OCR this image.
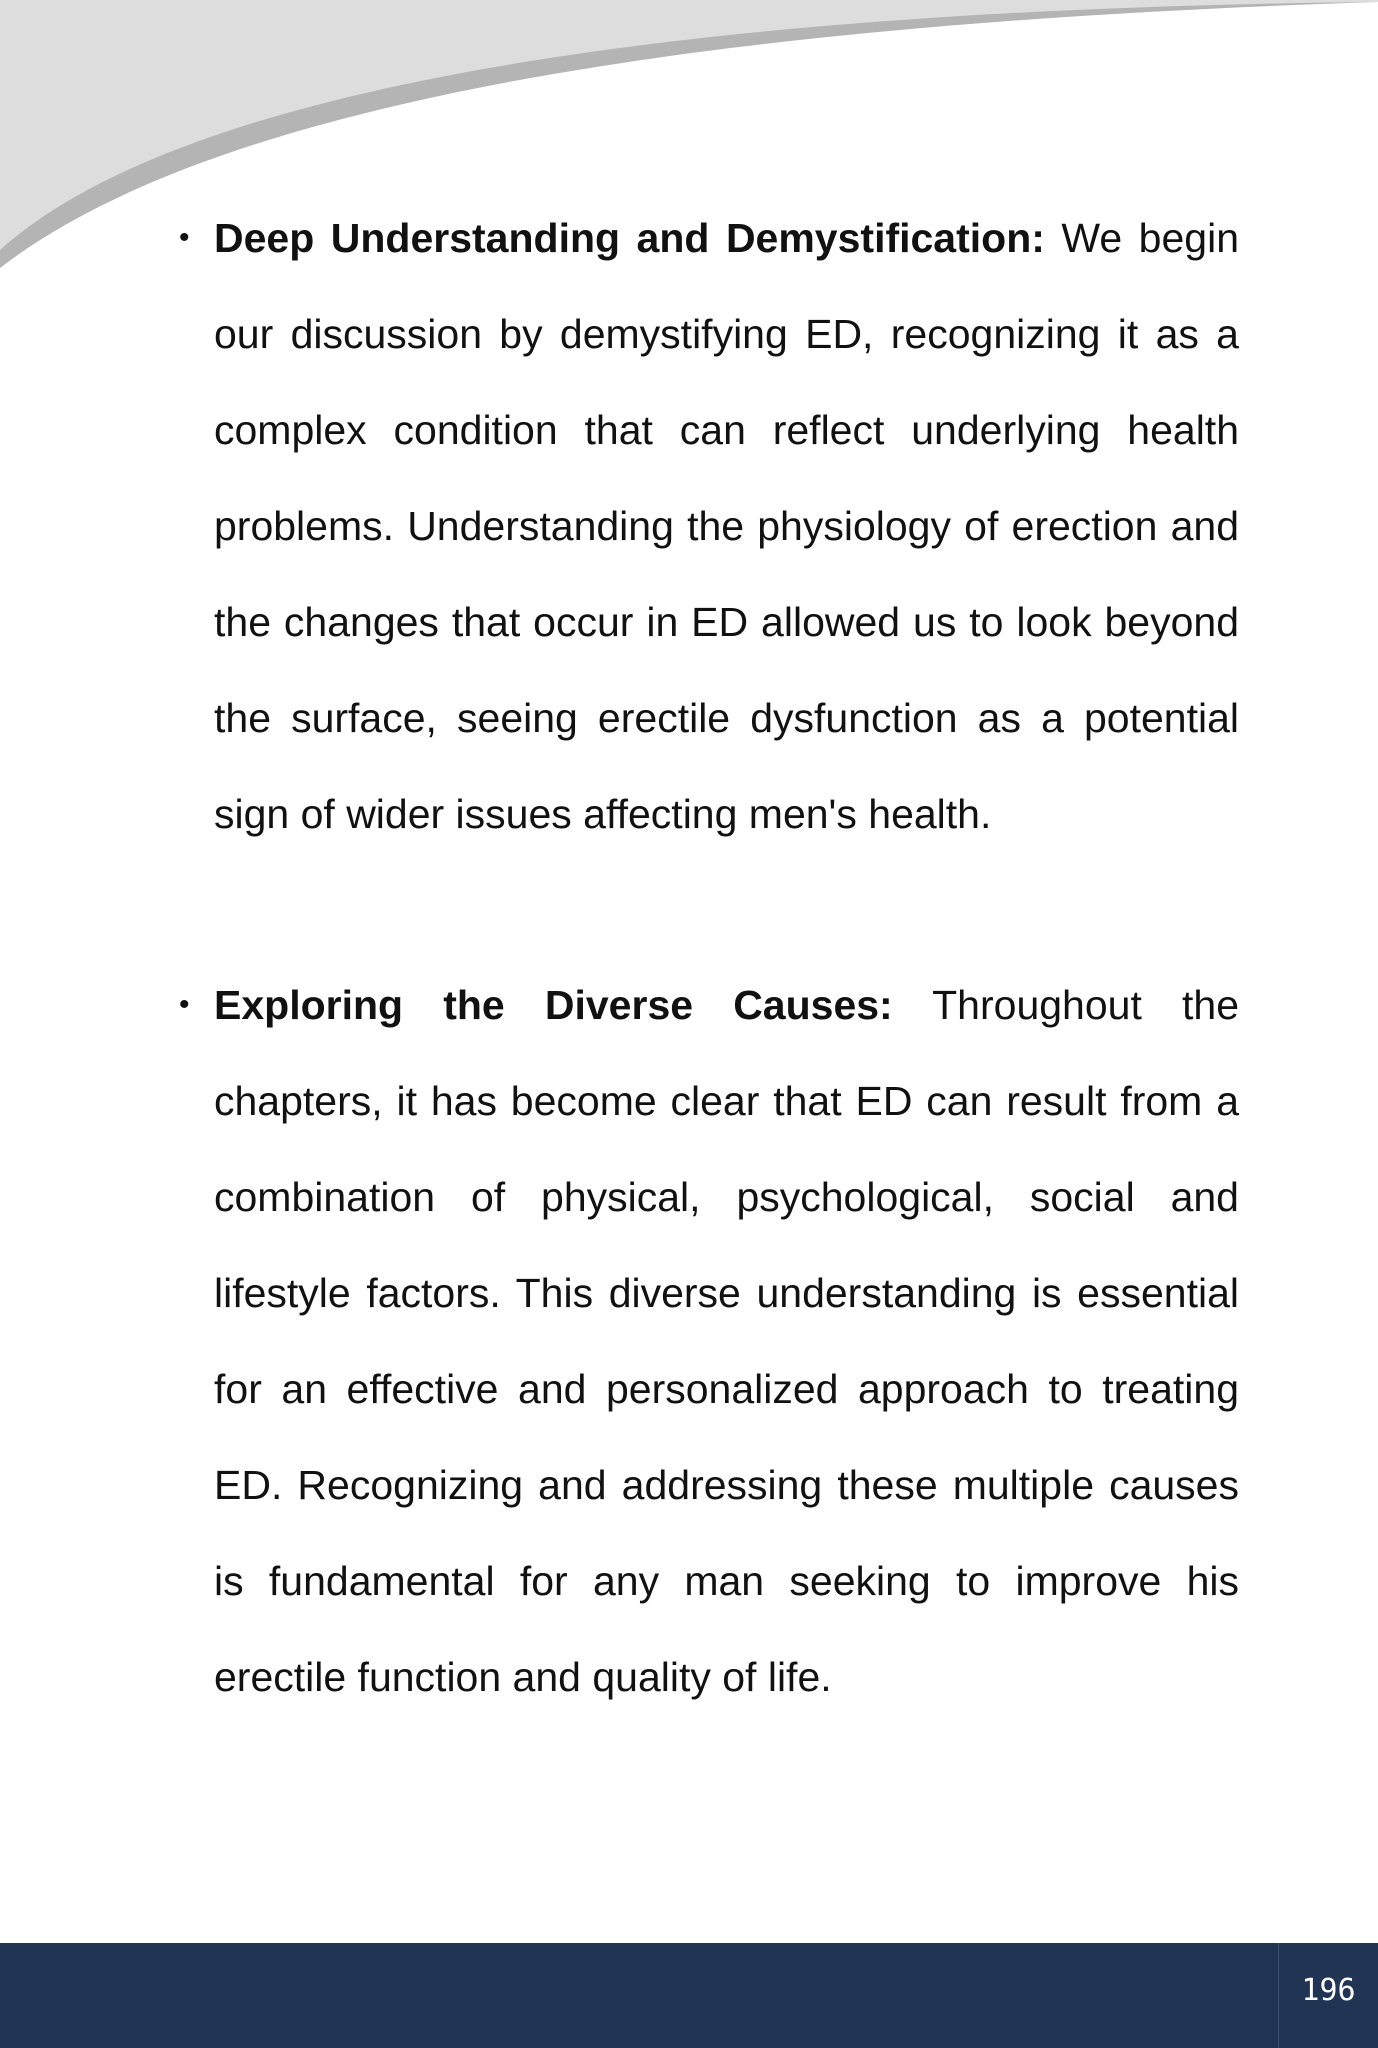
• Deep Understanding and Demystification: We begin our discussion by demystifying ED, recognizing it as a complex condition that can reflect underlying health problems. Understanding the physiology of erection and the changes that occur in ED allowed us to look beyond the surface, seeing erectile dysfunction as a potential sign of wider issues affecting men's health.
• Exploring the Diverse Causes: Throughout the chapters, it has become clear that ED can result from a combination of physical, psychological, social and lifestyle factors. This diverse understanding is essential for an effective and personalized approach to treating ED. Recognizing and addressing these multiple causes is fundamental for any man seeking to improve his erectile function and quality of life.
196
